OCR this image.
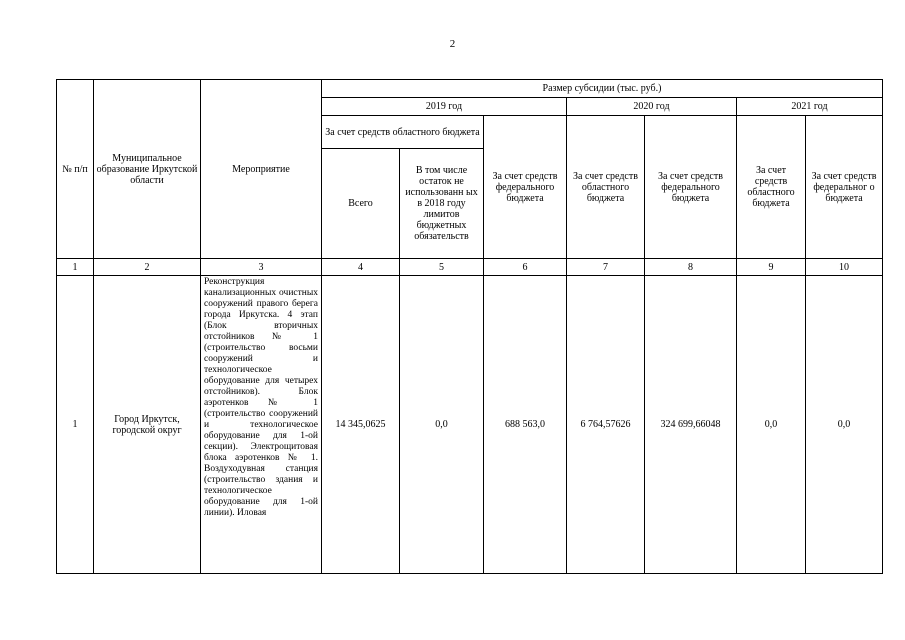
2
№ п/п	Муниципальное образование Иркутской области	Мероприятие	Размер субсидии (тыс. руб.)						
			2019 год			2020 год		2021 год	
			За счет средств областного бюджета		За счет средств федерального бюджета	За счет средств областного бюджета	За счет средств федерального бюджета	За счет средств областного бюджета	За счет средств федеральног о бюджета
			Всего	В том числе остаток не использованн ых в 2018 году лимитов бюджетных обязательств					
1	2	3	4	5	6	7	8	9	10
1	Город Иркутск, городской округ	Реконструкция канализационных очистных сооружений правого берега города Иркутска. 4 этап (Блок вторичных отстойников № 1 (строительство восьми сооружений и технологическое оборудование для четырех отстойников). Блок аэротенков № 1 (строительство сооружений и технологическое оборудование для 1-ой секции). Электрощитовая блока аэротенков № 1. Воздуходувная станция (строительство здания и технологическое оборудование для 1-ой линии). Иловая	14 345,0625	0,0	688 563,0	6 764,57626	324 699,66048	0,0	0,0
